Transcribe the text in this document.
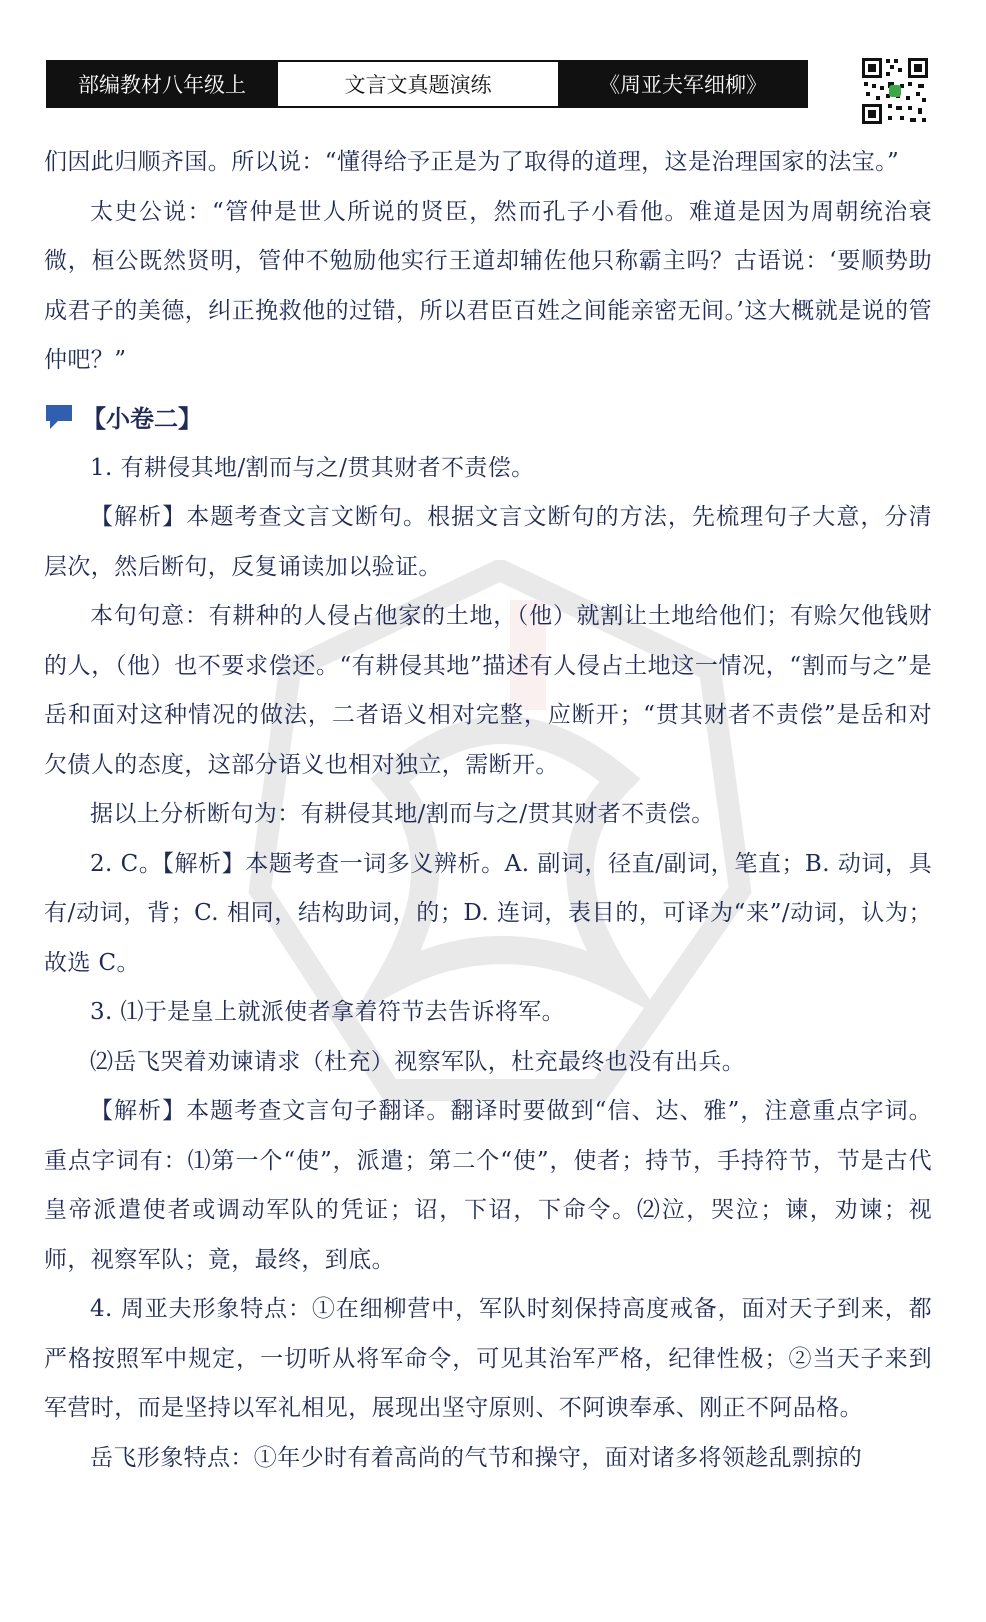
部编教材八年级上	文言文真题演练	《周亚夫军细柳》

们因此归顺齐国。所以说：“懂得给予正是为了取得的道理，这是治理国家的法宝。”

太史公说：“管仲是世人所说的贤臣，然而孔子小看他。难道是因为周朝统治衰微，桓公既然贤明，管仲不勉励他实行王道却辅佐他只称霸主吗？古语说：‘要顺势助成君子的美德，纠正挽救他的过错，所以君臣百姓之间能亲密无间。’这大概就是说的管仲吧？”

【小卷二】

1. 有耕侵其地/割而与之/贯其财者不责偿。

【解析】本题考查文言文断句。根据文言文断句的方法，先梳理句子大意，分清层次，然后断句，反复诵读加以验证。

本句句意：有耕种的人侵占他家的土地，（他）就割让土地给他们；有赊欠他钱财的人，（他）也不要求偿还。“有耕侵其地”描述有人侵占土地这一情况，“割而与之”是岳和面对这种情况的做法，二者语义相对完整，应断开；“贯其财者不责偿”是岳和对欠债人的态度，这部分语义也相对独立，需断开。

据以上分析断句为：有耕侵其地/割而与之/贯其财者不责偿。

2. C。【解析】本题考查一词多义辨析。A. 副词，径直/副词，笔直；B. 动词，具有/动词，背；C. 相同，结构助词，的；D. 连词，表目的，可译为“来”/动词，认为；故选 C。

3. ⑴于是皇上就派使者拿着符节去告诉将军。

⑵岳飞哭着劝谏请求（杜充）视察军队，杜充最终也没有出兵。

【解析】本题考查文言句子翻译。翻译时要做到“信、达、雅”，注意重点字词。重点字词有：⑴第一个“使”，派遣；第二个“使”，使者；持节，手持符节，节是古代皇帝派遣使者或调动军队的凭证；诏，下诏，下命令。⑵泣，哭泣；谏，劝谏；视师，视察军队；竟，最终，到底。

4. 周亚夫形象特点：①在细柳营中，军队时刻保持高度戒备，面对天子到来，都严格按照军中规定，一切听从将军命令，可见其治军严格，纪律性极；②当天子来到军营时，而是坚持以军礼相见，展现出坚守原则、不阿谀奉承、刚正不阿品格。

岳飞形象特点：①年少时有着高尚的气节和操守，面对诸多将领趁乱剽掠的
